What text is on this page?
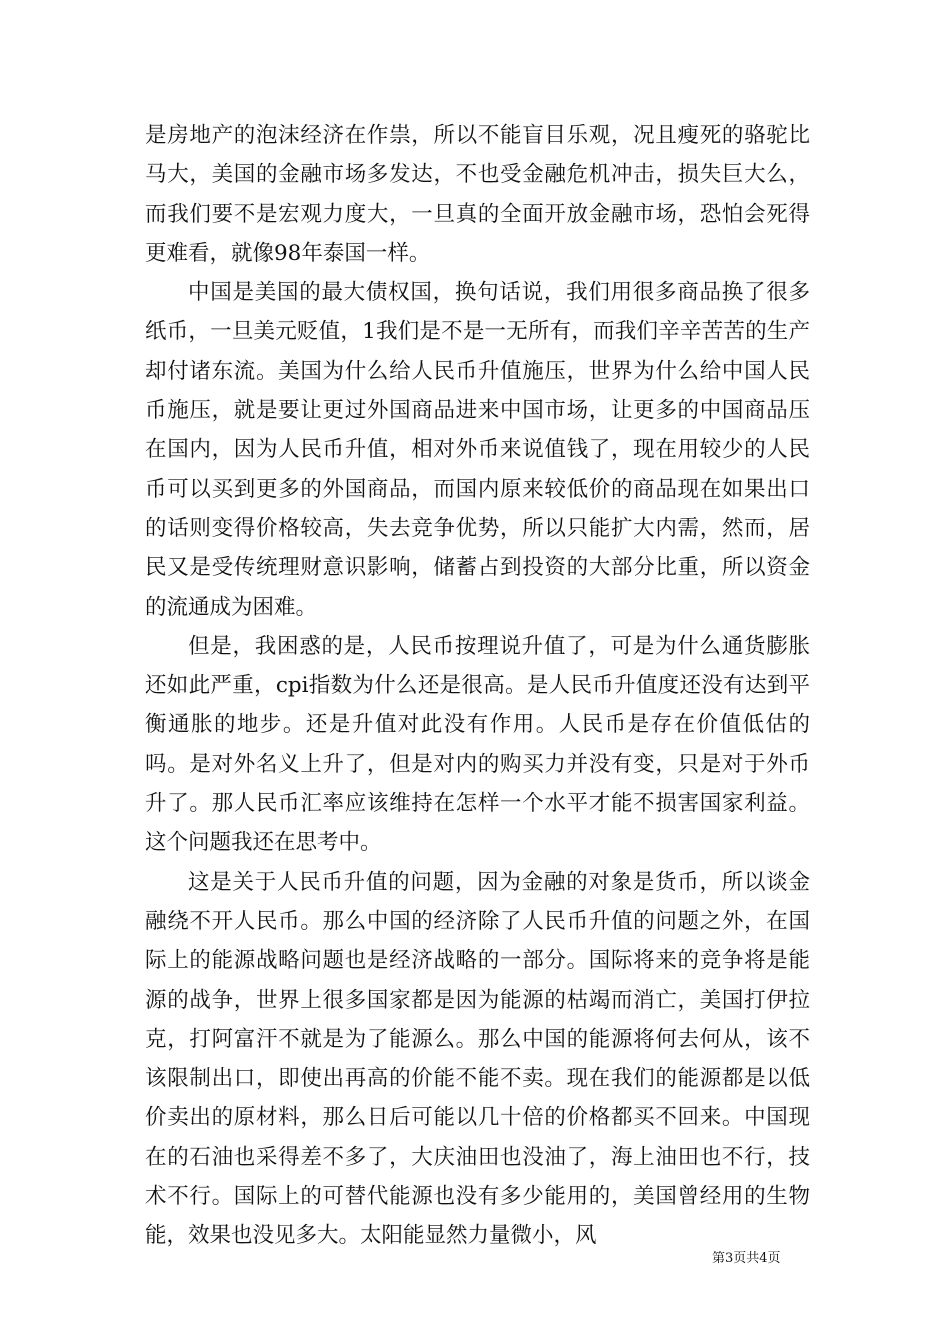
是房地产的泡沫经济在作祟，所以不能盲目乐观，况且瘦死的骆驼比马大，美国的金融市场多发达，不也受金融危机冲击，损失巨大么，而我们要不是宏观力度大，一旦真的全面开放金融市场，恐怕会死得更难看，就像98年泰国一样。

中国是美国的最大债权国，换句话说，我们用很多商品换了很多纸币，一旦美元贬值，1我们是不是一无所有，而我们辛辛苦苦的生产却付诸东流。美国为什么给人民币升值施压，世界为什么给中国人民币施压，就是要让更过外国商品进来中国市场，让更多的中国商品压在国内，因为人民币升值，相对外币来说值钱了，现在用较少的人民币可以买到更多的外国商品，而国内原来较低价的商品现在如果出口的话则变得价格较高，失去竞争优势，所以只能扩大内需，然而，居民又是受传统理财意识影响，储蓄占到投资的大部分比重，所以资金的流通成为困难。

但是，我困惑的是，人民币按理说升值了，可是为什么通货膨胀还如此严重，cpi指数为什么还是很高。是人民币升值度还没有达到平衡通胀的地步。还是升值对此没有作用。人民币是存在价值低估的吗。是对外名义上升了，但是对内的购买力并没有变，只是对于外币升了。那人民币汇率应该维持在怎样一个水平才能不损害国家利益。这个问题我还在思考中。

这是关于人民币升值的问题，因为金融的对象是货币，所以谈金融绕不开人民币。那么中国的经济除了人民币升值的问题之外，在国际上的能源战略问题也是经济战略的一部分。国际将来的竞争将是能源的战争，世界上很多国家都是因为能源的枯竭而消亡，美国打伊拉克，打阿富汗不就是为了能源么。那么中国的能源将何去何从，该不该限制出口，即使出再高的价能不能不卖。现在我们的能源都是以低价卖出的原材料，那么日后可能以几十倍的价格都买不回来。中国现在的石油也采得差不多了，大庆油田也没油了，海上油田也不行，技术不行。国际上的可替代能源也没有多少能用的，美国曾经用的生物能，效果也没见多大。太阳能显然力量微小，风

第3页共4页
